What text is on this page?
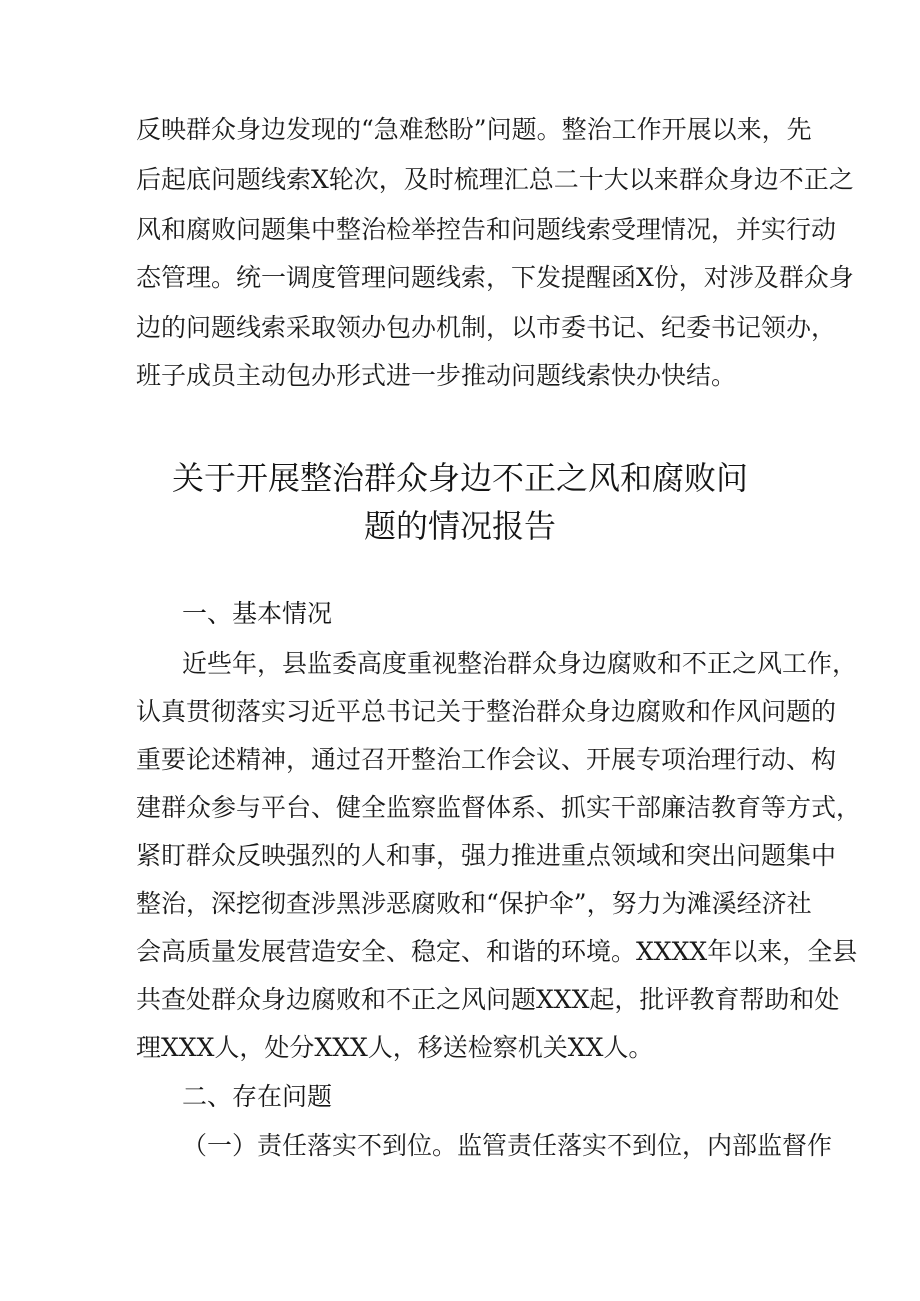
反映群众身边发现的“急难愁盼”问题。整治工作开展以来，先
后起底问题线索X轮次，及时梳理汇总二十大以来群众身边不正之
风和腐败问题集中整治检举控告和问题线索受理情况，并实行动
态管理。统一调度管理问题线索，下发提醒函X份，对涉及群众身
边的问题线索采取领办包办机制，以市委书记、纪委书记领办，
班子成员主动包办形式进一步推动问题线索快办快结。
关于开展整治群众身边不正之风和腐败问
题的情况报告
一、基本情况
近些年，县监委高度重视整治群众身边腐败和不正之风工作，
认真贯彻落实习近平总书记关于整治群众身边腐败和作风问题的
重要论述精神，通过召开整治工作会议、开展专项治理行动、构
建群众参与平台、健全监察监督体系、抓实干部廉洁教育等方式，
紧盯群众反映强烈的人和事，强力推进重点领域和突出问题集中
整治，深挖彻查涉黑涉恶腐败和“保护伞”，努力为滩溪经济社
会高质量发展营造安全、稳定、和谐的环境。XXXX年以来，全县
共查处群众身边腐败和不正之风问题XXX起，批评教育帮助和处
理XXX人，处分XXX人，移送检察机关XX人。
二、存在问题
（一）责任落实不到位。监管责任落实不到位，内部监督作
